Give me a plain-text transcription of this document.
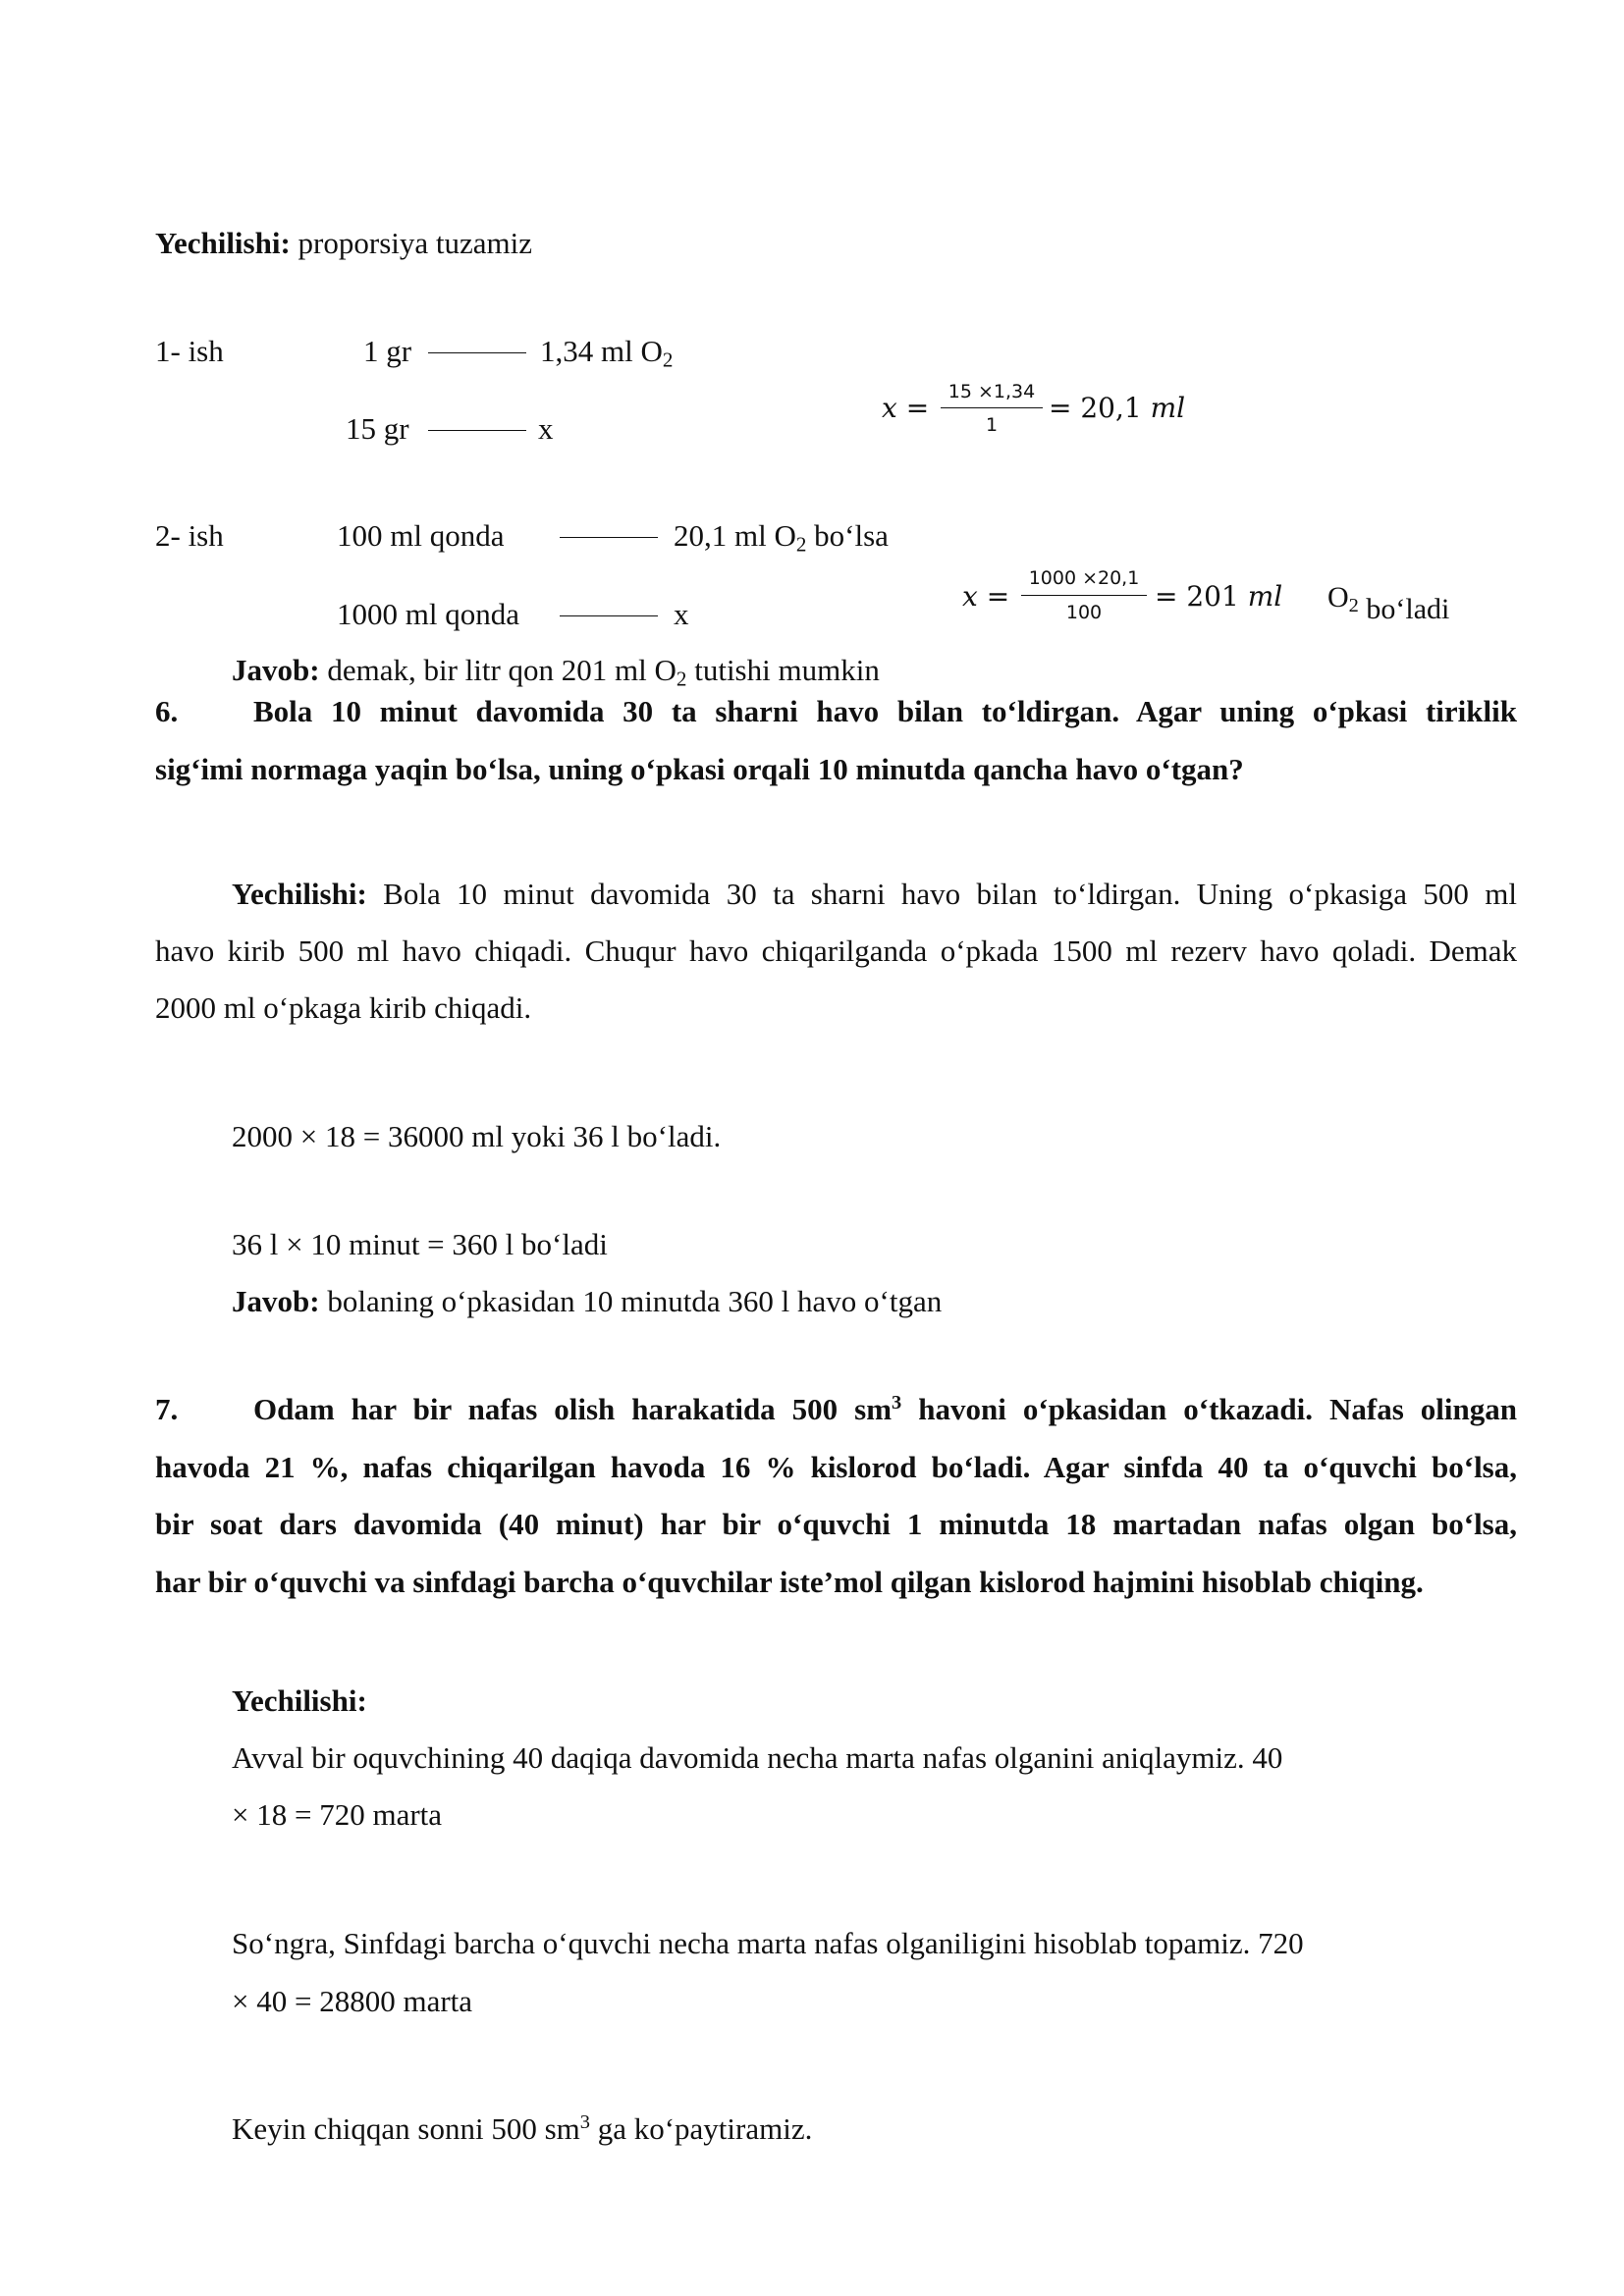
Yechilishi: proporsiya tuzamiz
1- ish	1 gr	1,34 ml $O_2$
15 gr	x
x =	15 ×1,34
1
= 20,1 ml
2- ish	100 ml qonda	20,1 ml $O_2$ bo‘lsa
1000 ml qonda	x
x =
1000 ×20,1
100	= 201 ml $O_2$ bo‘ladi
Javob: demak, bir litr qon 201 ml $O_2$ tutishi mumkin
6. Bola 10 minut davomida 30 ta sharni havo bilan to‘ldirgan. Agar uning o‘pkasi tiriklik
sig‘imi normaga yaqin bo‘lsa, uning o‘pkasi orqali 10 minutda qancha havo o‘tgan?
Yechilishi: Bola 10 minut davomida 30 ta sharni havo bilan to‘ldirgan. Uning o‘pkasiga 500 ml
havo kirib 500 ml havo chiqadi. Chuqur havo chiqarilganda o‘pkada 1500 ml rezerv havo qoladi. Demak
2000 ml o‘pkaga kirib chiqadi.
2000 × 18 = 36000 ml yoki 36 l bo‘ladi.
36 l × 10 minut = 360 l bo‘ladi
Javob: bolaning o‘pkasidan 10 minutda 360 l havo o‘tgan
7. Odam har bir nafas olish harakatida 500 $sm^3$ havoni o‘pkasidan o‘tkazadi. Nafas olingan
havoda 21 %, nafas chiqarilgan havoda 16 % kislorod bo‘ladi. Agar sinfda 40 ta o‘quvchi bo‘lsa,
bir soat dars davomida (40 minut) har bir o‘quvchi 1 minutda 18 martadan nafas olgan bo‘lsa,
har bir o‘quvchi va sinfdagi barcha o‘quvchilar iste’mol qilgan kislorod hajmini hisoblab chiqing.
Yechilishi:
Avval bir oquvchining 40 daqiqa davomida necha marta nafas olganini aniqlaymiz. 40
× 18 = 720 marta
So‘ngra, Sinfdagi barcha o‘quvchi necha marta nafas olganiligini hisoblab topamiz. 720
× 40 = 28800 marta
Keyin chiqqan sonni 500 $sm^3$ ga ko‘paytiramiz.
